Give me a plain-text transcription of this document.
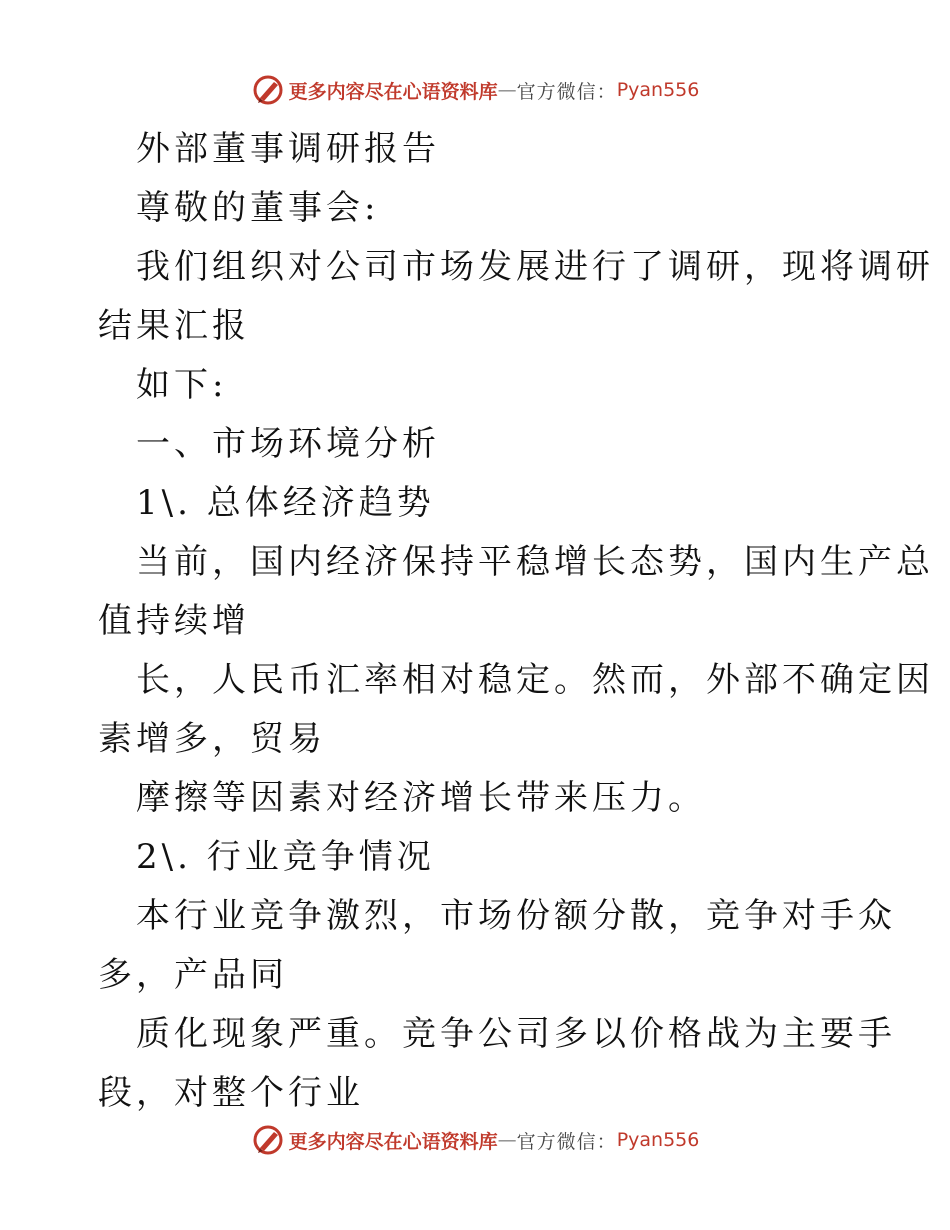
更多内容尽在心语资料库 — 官方微信： Pyan556

外部董事调研报告

尊敬的董事会:

我们组织对公司市场发展进行了调研，现将调研

结果汇报

如下:

一、市场环境分析

1\. 总体经济趋势

当前，国内经济保持平稳增长态势，国内生产总

值持续增

长，人民币汇率相对稳定。然而，外部不确定因

素增多，贸易

摩擦等因素对经济增长带来压力。

2\. 行业竞争情况

本行业竞争激烈，市场份额分散，竞争对手众

多，产品同

质化现象严重。竞争公司多以价格战为主要手

段，对整个行业

更多内容尽在心语资料库 — 官方微信： Pyan556
